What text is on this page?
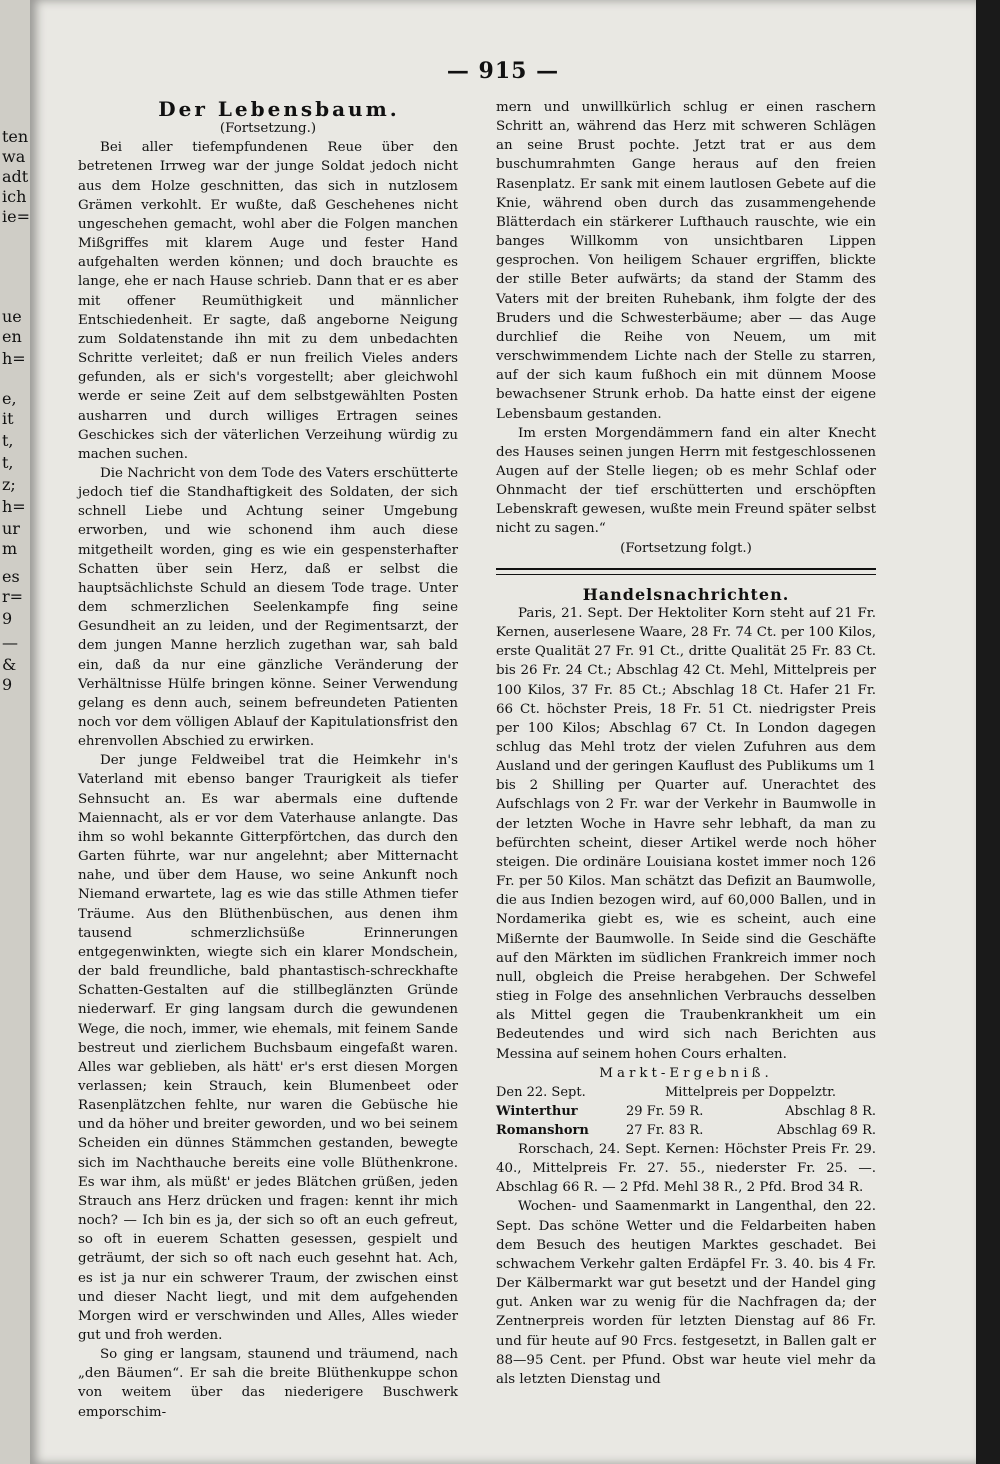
ten
wa
adt
ich
ie=
ue
en
h=
e,
it
t,
t,
z;
h=
ur
m
es
r=
9
—
&
9
— 915 —

Der Lebensbaum.

(Fortsetzung.)

Bei aller tiefempfundenen Reue über den betretenen Irrweg war der junge Soldat jedoch nicht aus dem Holze geschnitten, das sich in nutzlosem Grämen verkohlt. Er wußte, daß Geschehenes nicht ungeschehen gemacht, wohl aber die Folgen manchen Mißgriffes mit klarem Auge und fester Hand aufgehalten werden können; und doch brauchte es lange, ehe er nach Hause schrieb. Dann that er es aber mit offener Reumüthigkeit und männlicher Entschiedenheit. Er sagte, daß angeborne Neigung zum Soldatenstande ihn mit zu dem unbedachten Schritte verleitet; daß er nun freilich Vieles anders gefunden, als er sich's vorgestellt; aber gleichwohl werde er seine Zeit auf dem selbstgewählten Posten ausharren und durch williges Ertragen seines Geschickes sich der väterlichen Verzeihung würdig zu machen suchen.

Die Nachricht von dem Tode des Vaters erschütterte jedoch tief die Standhaftigkeit des Soldaten, der sich schnell Liebe und Achtung seiner Umgebung erworben, und wie schonend ihm auch diese mitgetheilt worden, ging es wie ein gespensterhafter Schatten über sein Herz, daß er selbst die hauptsächlichste Schuld an diesem Tode trage. Unter dem schmerzlichen Seelenkampfe fing seine Gesundheit an zu leiden, und der Regimentsarzt, der dem jungen Manne herzlich zugethan war, sah bald ein, daß da nur eine gänzliche Veränderung der Verhältnisse Hülfe bringen könne. Seiner Verwendung gelang es denn auch, seinem befreundeten Patienten noch vor dem völligen Ablauf der Kapitulationsfrist den ehrenvollen Abschied zu erwirken.

Der junge Feldweibel trat die Heimkehr in's Vaterland mit ebenso banger Traurigkeit als tiefer Sehnsucht an. Es war abermals eine duftende Maiennacht, als er vor dem Vaterhause anlangte. Das ihm so wohl bekannte Gitterpförtchen, das durch den Garten führte, war nur angelehnt; aber Mitternacht nahe, und über dem Hause, wo seine Ankunft noch Niemand erwartete, lag es wie das stille Athmen tiefer Träume. Aus den Blüthenbüschen, aus denen ihm tausend schmerzlichsüße Erinnerungen entgegenwinkten, wiegte sich ein klarer Mondschein, der bald freundliche, bald phantastisch-schreckhafte Schatten-Gestalten auf die stillbeglänzten Gründe niederwarf. Er ging langsam durch die gewundenen Wege, die noch, immer, wie ehemals, mit feinem Sande bestreut und zierlichem Buchsbaum eingefaßt waren. Alles war geblieben, als hätt' er's erst diesen Morgen verlassen; kein Strauch, kein Blumenbeet oder Rasenplätzchen fehlte, nur waren die Gebüsche hie und da höher und breiter geworden, und wo bei seinem Scheiden ein dünnes Stämmchen gestanden, bewegte sich im Nachthauche bereits eine volle Blüthenkrone. Es war ihm, als müßt' er jedes Blätchen grüßen, jeden Strauch ans Herz drücken und fragen: kennt ihr mich noch? — Ich bin es ja, der sich so oft an euch gefreut, so oft in euerem Schatten gesessen, gespielt und geträumt, der sich so oft nach euch gesehnt hat. Ach, es ist ja nur ein schwerer Traum, der zwischen einst und dieser Nacht liegt, und mit dem aufgehenden Morgen wird er verschwinden und Alles, Alles wieder gut und froh werden.

So ging er langsam, staunend und träumend, nach „den Bäumen“. Er sah die breite Blüthenkuppe schon von weitem über das niederigere Buschwerk emporschim-

mern und unwillkürlich schlug er einen raschern Schritt an, während das Herz mit schweren Schlägen an seine Brust pochte. Jetzt trat er aus dem buschumrahmten Gange heraus auf den freien Rasenplatz. Er sank mit einem lautlosen Gebete auf die Knie, während oben durch das zusammengehende Blätterdach ein stärkerer Lufthauch rauschte, wie ein banges Willkomm von unsichtbaren Lippen gesprochen. Von heiligem Schauer ergriffen, blickte der stille Beter aufwärts; da stand der Stamm des Vaters mit der breiten Ruhebank, ihm folgte der des Bruders und die Schwesterbäume; aber — das Auge durchlief die Reihe von Neuem, um mit verschwimmendem Lichte nach der Stelle zu starren, auf der sich kaum fußhoch ein mit dünnem Moose bewachsener Strunk erhob. Da hatte einst der eigene Lebensbaum gestanden.

Im ersten Morgendämmern fand ein alter Knecht des Hauses seinen jungen Herrn mit festgeschlossenen Augen auf der Stelle liegen; ob es mehr Schlaf oder Ohnmacht der tief erschütterten und erschöpften Lebenskraft gewesen, wußte mein Freund später selbst nicht zu sagen.“

(Fortsetzung folgt.)

Handelsnachrichten.

Paris, 21. Sept. Der Hektoliter Korn steht auf 21 Fr. Kernen, auserlesene Waare, 28 Fr. 74 Ct. per 100 Kilos, erste Qualität 27 Fr. 91 Ct., dritte Qualität 25 Fr. 83 Ct. bis 26 Fr. 24 Ct.; Abschlag 42 Ct. Mehl, Mittelpreis per 100 Kilos, 37 Fr. 85 Ct.; Abschlag 18 Ct. Hafer 21 Fr. 66 Ct. höchster Preis, 18 Fr. 51 Ct. niedrigster Preis per 100 Kilos; Abschlag 67 Ct. In London dagegen schlug das Mehl trotz der vielen Zufuhren aus dem Ausland und der geringen Kauflust des Publikums um 1 bis 2 Shilling per Quarter auf. Unerachtet des Aufschlags von 2 Fr. war der Verkehr in Baumwolle in der letzten Woche in Havre sehr lebhaft, da man zu befürchten scheint, dieser Artikel werde noch höher steigen. Die ordinäre Louisiana kostet immer noch 126 Fr. per 50 Kilos. Man schätzt das Defizit an Baumwolle, die aus Indien bezogen wird, auf 60,000 Ballen, und in Nordamerika giebt es, wie es scheint, auch eine Mißernte der Baumwolle. In Seide sind die Geschäfte auf den Märkten im südlichen Frankreich immer noch null, obgleich die Preise herabgehen. Der Schwefel stieg in Folge des ansehnlichen Verbrauchs desselben als Mittel gegen die Traubenkrankheit um ein Bedeutendes und wird sich nach Berichten aus Messina auf seinem hohen Cours erhalten.

Markt-Ergebniß.

Den 22. Sept.	Mittelpreis per Doppelztr.
Winterthur	29 Fr. 59 R.	Abschlag 8 R.
Romanshorn	27 Fr. 83 R.	Abschlag 69 R.

Rorschach, 24. Sept. Kernen: Höchster Preis Fr. 29. 40., Mittelpreis Fr. 27. 55., niederster Fr. 25. —. Abschlag 66 R. — 2 Pfd. Mehl 38 R., 2 Pfd. Brod 34 R.

Wochen- und Saamenmarkt in Langenthal, den 22. Sept. Das schöne Wetter und die Feldarbeiten haben dem Besuch des heutigen Marktes geschadet. Bei schwachem Verkehr galten Erdäpfel Fr. 3. 40. bis 4 Fr. Der Kälbermarkt war gut besetzt und der Handel ging gut. Anken war zu wenig für die Nachfragen da; der Zentnerpreis worden für letzten Dienstag auf 86 Fr. und für heute auf 90 Frcs. festgesetzt, in Ballen galt er 88—95 Cent. per Pfund. Obst war heute viel mehr da als letzten Dienstag und
